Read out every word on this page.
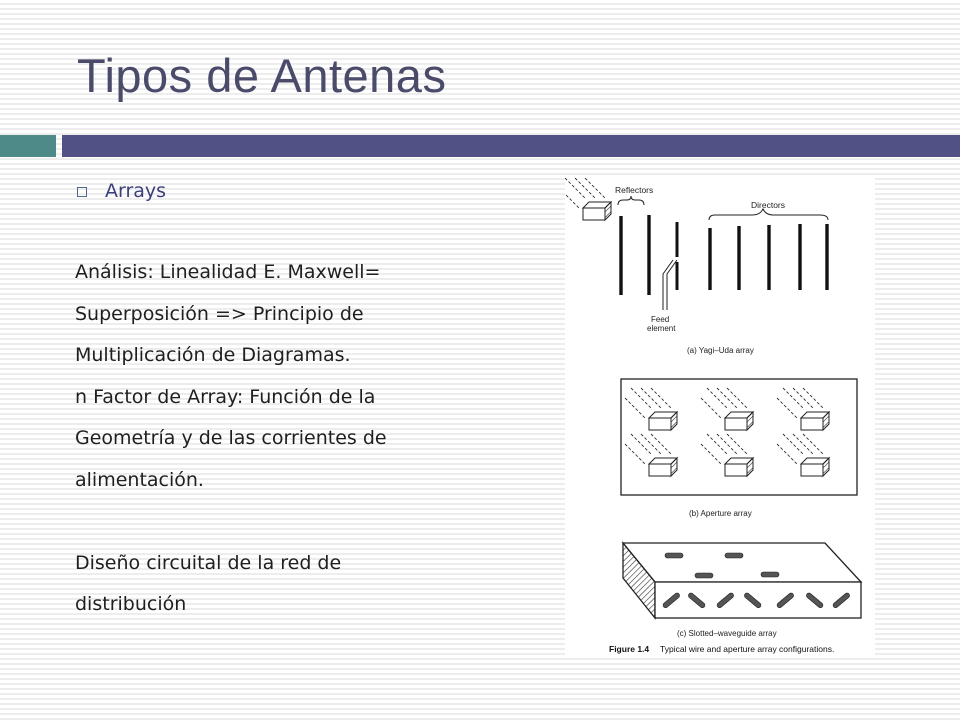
Tipos de Antenas
Arrays
Análisis: Linealidad E. Maxwell=
Superposición => Principio de
Multiplicación de Diagramas.
n Factor de Array: Función de la
Geometría y de las corrientes de
alimentación.
Diseño circuital de la red de
distribución
Reflectors
Directors
Feed
element
(a) Yagi–Uda array
(b) Aperture array
(c) Slotted–waveguide array
Figure 1.4 Typical wire and aperture array configurations.
